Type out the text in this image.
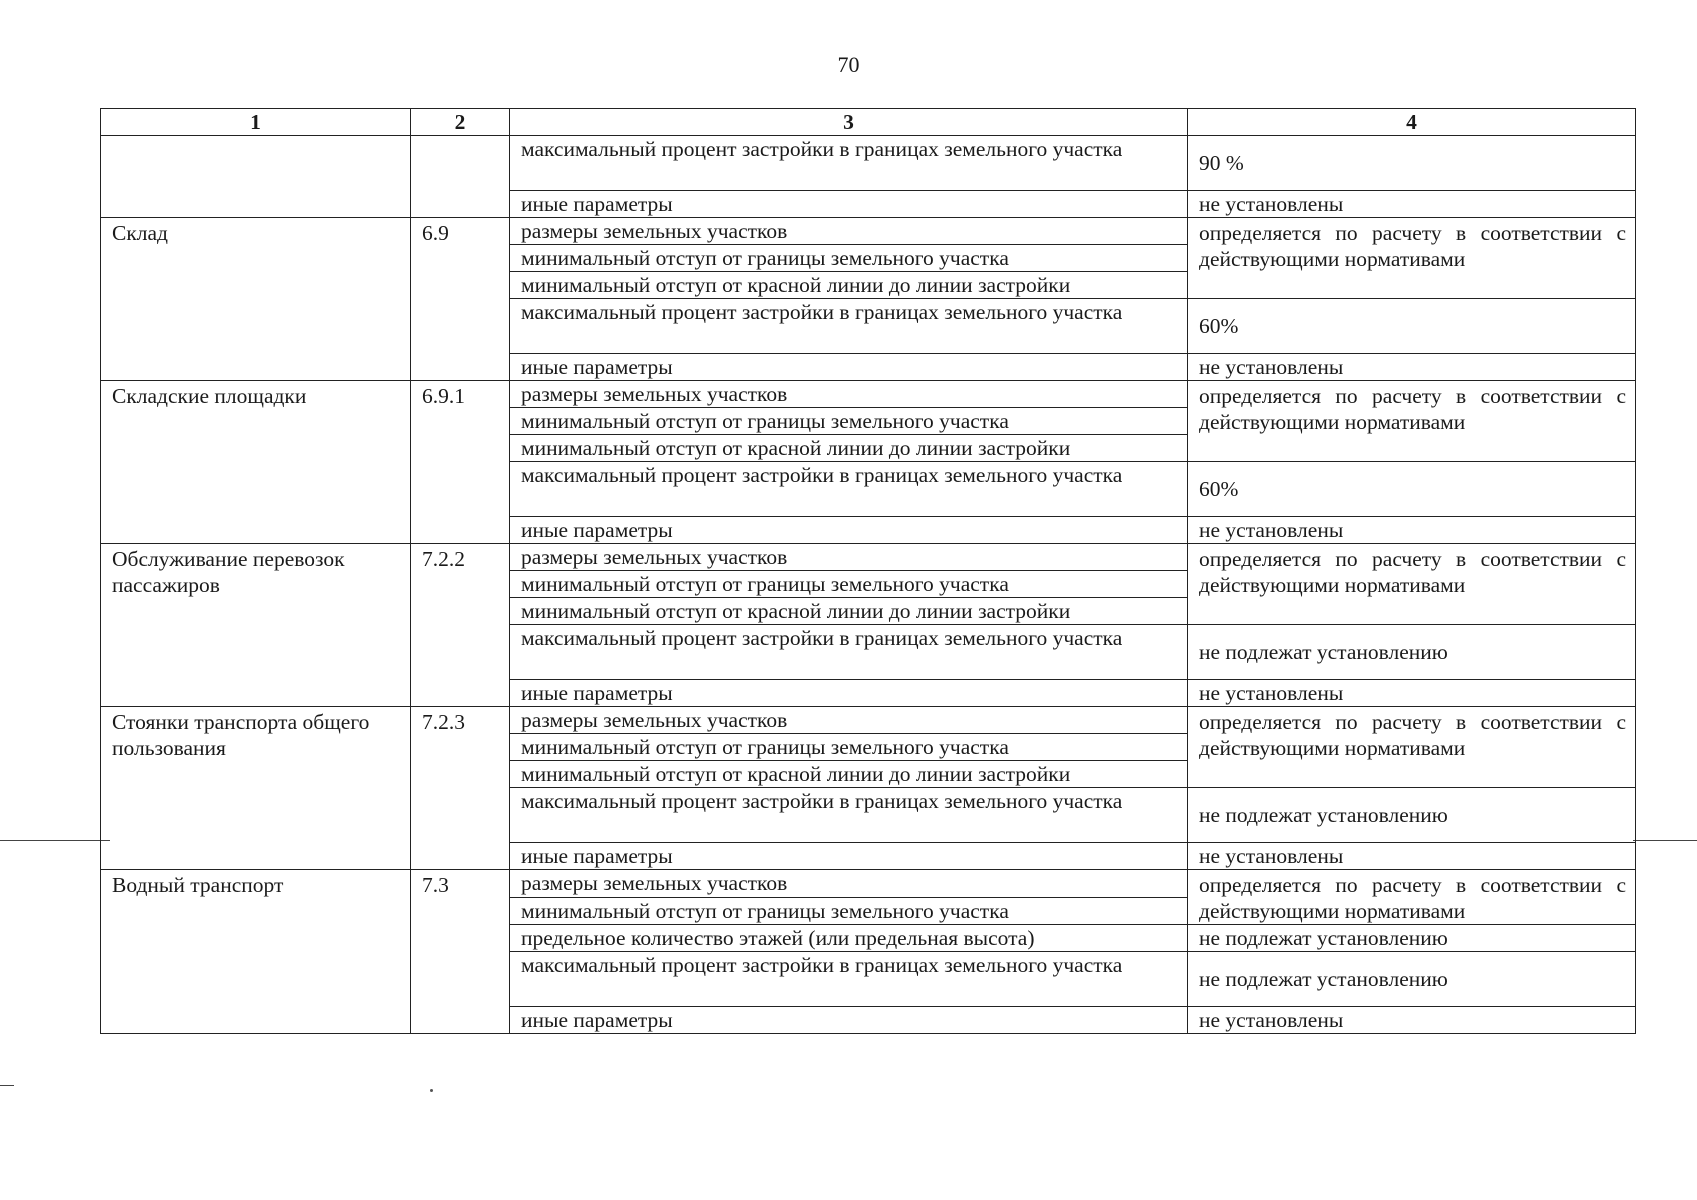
70
1	2	3	4
		максимальный процент застройки в границах земельного участка	90 %
		иные параметры	не установлены
Склад	6.9	размеры земельных участков	определяется по расчету в соответствии с действующими нормативами
		минимальный отступ от границы земельного участка	
		минимальный отступ от красной линии до линии застройки	
		максимальный процент застройки в границах земельного участка	60%
		иные параметры	не установлены
Складские площадки	6.9.1	размеры земельных участков	определяется по расчету в соответствии с действующими нормативами
		минимальный отступ от границы земельного участка	
		минимальный отступ от красной линии до линии застройки	
		максимальный процент застройки в границах земельного участка	60%
		иные параметры	не установлены
Обслуживание перевозок пассажиров	7.2.2	размеры земельных участков	определяется по расчету в соответствии с действующими нормативами
		минимальный отступ от границы земельного участка	
		минимальный отступ от красной линии до линии застройки	
		максимальный процент застройки в границах земельного участка	не подлежат установлению
		иные параметры	не установлены
Стоянки транспорта общего пользования	7.2.3	размеры земельных участков	определяется по расчету в соответствии с действующими нормативами
		минимальный отступ от границы земельного участка	
		минимальный отступ от красной линии до линии застройки	
		максимальный процент застройки в границах земельного участка	не подлежат установлению
		иные параметры	не установлены
Водный транспорт	7.3	размеры земельных участков	определяется по расчету в соответствии с действующими нормативами
		минимальный отступ от границы земельного участка	
		предельное количество этажей (или предельная высота)	не подлежат установлению
		максимальный процент застройки в границах земельного участка	не подлежат установлению
		иные параметры	не установлены
